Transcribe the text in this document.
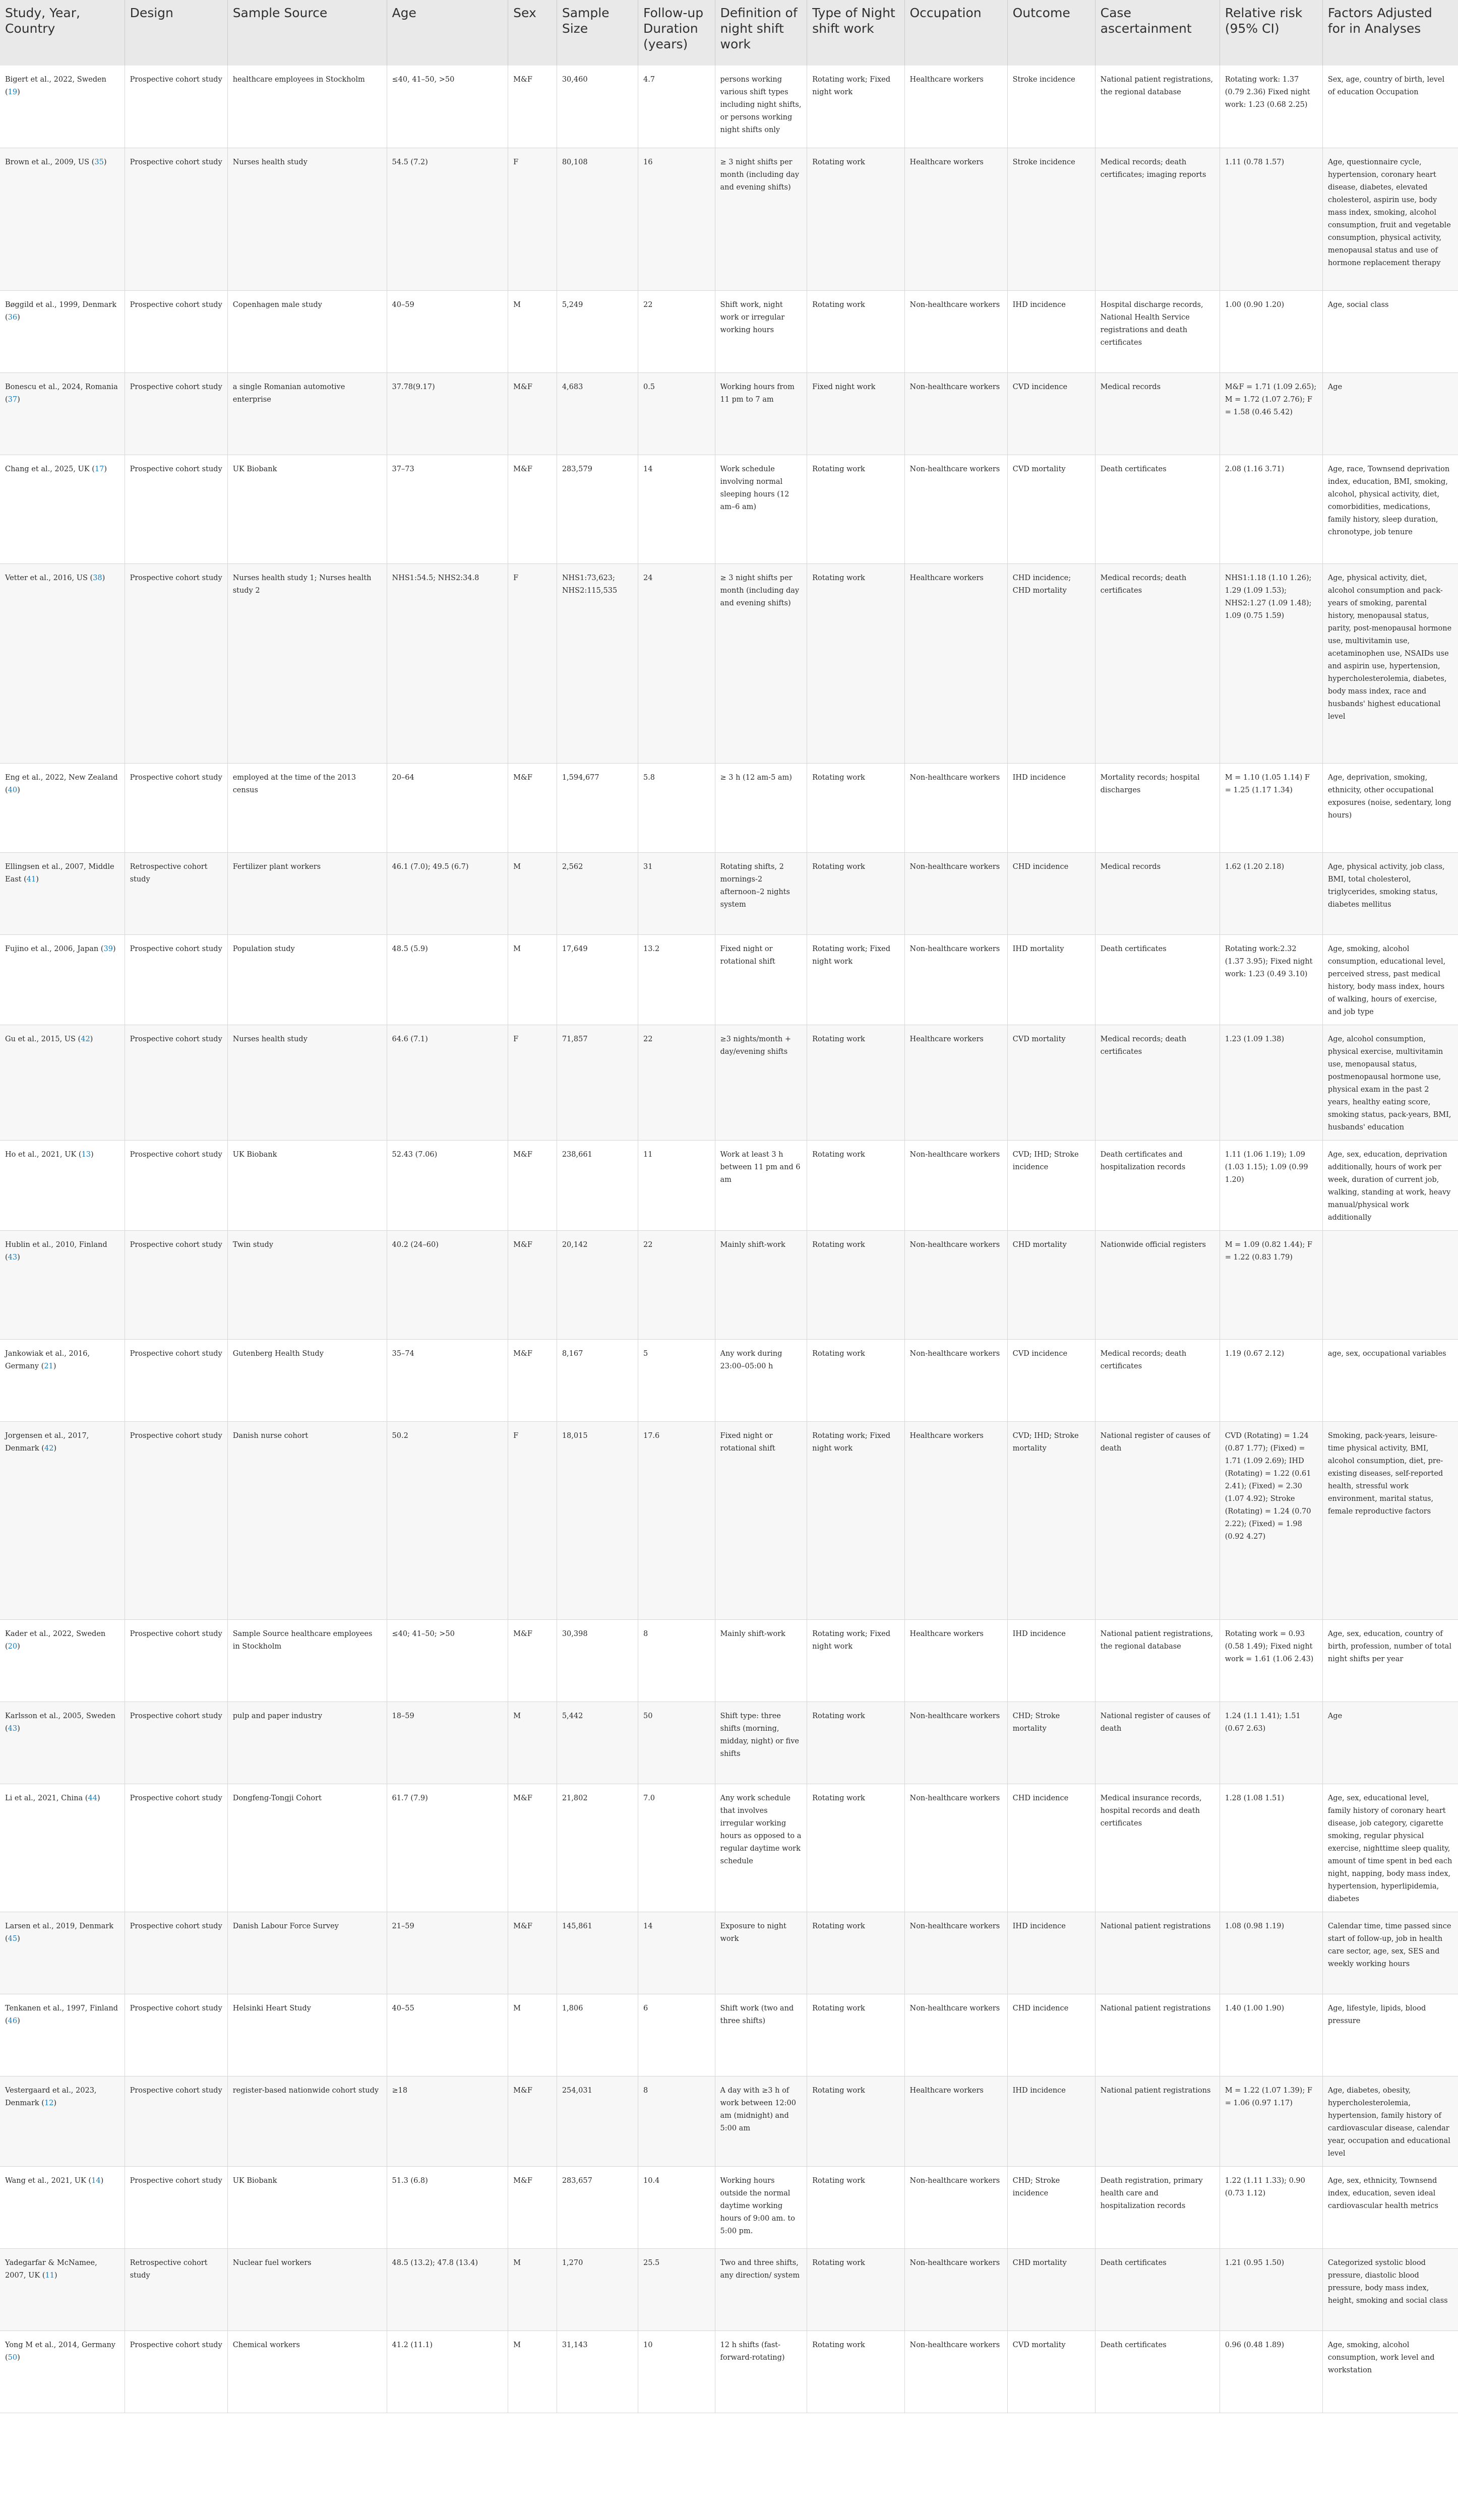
Study, Year, Country	Design	Sample Source	Age	Sex	Sample Size	Follow-up Duration (years)	Definition of night shift work	Type of Night shift work	Occupation	Outcome	Case ascertainment	Relative risk (95% CI)	Factors Adjusted for in Analyses
Bigert et al., 2022, Sweden (19)	Prospective cohort study	healthcare employees in Stockholm	≤40, 41–50, >50	M&F	30,460	4.7	persons working various shift types including night shifts, or persons working night shifts only	Rotating work; Fixed night work	Healthcare workers	Stroke incidence	National patient registrations, the regional database	Rotating work: 1.37 (0.79 2.36) Fixed night work: 1.23 (0.68 2.25)	Sex, age, country of birth, level of education Occupation
Brown et al., 2009, US (35)	Prospective cohort study	Nurses health study	54.5 (7.2)	F	80,108	16	≥ 3 night shifts per month (including day and evening shifts)	Rotating work	Healthcare workers	Stroke incidence	Medical records; death certificates; imaging reports	1.11 (0.78 1.57)	Age, questionnaire cycle, hypertension, coronary heart disease, diabetes, elevated cholesterol, aspirin use, body mass index, smoking, alcohol consumption, fruit and vegetable consumption, physical activity, menopausal status and use of hormone replacement therapy
Bøggild et al., 1999, Denmark (36)	Prospective cohort study	Copenhagen male study	40–59	M	5,249	22	Shift work, night work or irregular working hours	Rotating work	Non-healthcare workers	IHD incidence	Hospital discharge records, National Health Service registrations and death certificates	1.00 (0.90 1.20)	Age, social class
Bonescu et al., 2024, Romania (37)	Prospective cohort study	a single Romanian automotive enterprise	37.78(9.17)	M&F	4,683	0.5	Working hours from 11 pm to 7 am	Fixed night work	Non-healthcare workers	CVD incidence	Medical records	M&F = 1.71 (1.09 2.65); M = 1.72 (1.07 2.76); F = 1.58 (0.46 5.42)	Age
Chang et al., 2025, UK (17)	Prospective cohort study	UK Biobank	37–73	M&F	283,579	14	Work schedule involving normal sleeping hours (12 am–6 am)	Rotating work	Non-healthcare workers	CVD mortality	Death certificates	2.08 (1.16 3.71)	Age, race, Townsend deprivation index, education, BMI, smoking, alcohol, physical activity, diet, comorbidities, medications, family history, sleep duration, chronotype, job tenure
Vetter et al., 2016, US (38)	Prospective cohort study	Nurses health study 1; Nurses health study 2	NHS1:54.5; NHS2:34.8	F	NHS1:73,623; NHS2:115,535	24	≥ 3 night shifts per month (including day and evening shifts)	Rotating work	Healthcare workers	CHD incidence; CHD mortality	Medical records; death certificates	NHS1:1.18 (1.10 1.26); 1.29 (1.09 1.53); NHS2:1.27 (1.09 1.48); 1.09 (0.75 1.59)	Age, physical activity, diet, alcohol consumption and pack-years of smoking, parental history, menopausal status, parity, post-menopausal hormone use, multivitamin use, acetaminophen use, NSAIDs use and aspirin use, hypertension, hypercholesterolemia, diabetes, body mass index, race and husbands' highest educational level
Eng et al., 2022, New Zealand (40)	Prospective cohort study	employed at the time of the 2013 census	20–64	M&F	1,594,677	5.8	≥ 3 h (12 am-5 am)	Rotating work	Non-healthcare workers	IHD incidence	Mortality records; hospital discharges	M = 1.10 (1.05 1.14) F = 1.25 (1.17 1.34)	Age, deprivation, smoking, ethnicity, other occupational exposures (noise, sedentary, long hours)
Ellingsen et al., 2007, Middle East (41)	Retrospective cohort study	Fertilizer plant workers	46.1 (7.0); 49.5 (6.7)	M	2,562	31	Rotating shifts, 2 mornings-2 afternoon–2 nights system	Rotating work	Non-healthcare workers	CHD incidence	Medical records	1.62 (1.20 2.18)	Age, physical activity, job class, BMI, total cholesterol, triglycerides, smoking status, diabetes mellitus
Fujino et al., 2006, Japan (39)	Prospective cohort study	Population study	48.5 (5.9)	M	17,649	13.2	Fixed night or rotational shift	Rotating work; Fixed night work	Non-healthcare workers	IHD mortality	Death certificates	Rotating work:2.32 (1.37 3.95); Fixed night work: 1.23 (0.49 3.10)	Age, smoking, alcohol consumption, educational level, perceived stress, past medical history, body mass index, hours of walking, hours of exercise, and job type
Gu et al., 2015, US (42)	Prospective cohort study	Nurses health study	64.6 (7.1)	F	71,857	22	≥3 nights/month + day/evening shifts	Rotating work	Healthcare workers	CVD mortality	Medical records; death certificates	1.23 (1.09 1.38)	Age, alcohol consumption, physical exercise, multivitamin use, menopausal status, postmenopausal hormone use, physical exam in the past 2 years, healthy eating score, smoking status, pack-years, BMI, husbands' education
Ho et al., 2021, UK (13)	Prospective cohort study	UK Biobank	52.43 (7.06)	M&F	238,661	11	Work at least 3 h between 11 pm and 6 am	Rotating work	Non-healthcare workers	CVD; IHD; Stroke incidence	Death certificates and hospitalization records	1.11 (1.06 1.19); 1.09 (1.03 1.15); 1.09 (0.99 1.20)	Age, sex, education, deprivation additionally, hours of work per week, duration of current job, walking, standing at work, heavy manual/physical work additionally
Hublin et al., 2010, Finland (43)	Prospective cohort study	Twin study	40.2 (24–60)	M&F	20,142	22	Mainly shift-work	Rotating work	Non-healthcare workers	CHD mortality	Nationwide official registers	M = 1.09 (0.82 1.44); F = 1.22 (0.83 1.79)	
Jankowiak et al., 2016, Germany (21)	Prospective cohort study	Gutenberg Health Study	35–74	M&F	8,167	5	Any work during 23:00–05:00 h	Rotating work	Non-healthcare workers	CVD incidence	Medical records; death certificates	1.19 (0.67 2.12)	age, sex, occupational variables
Jorgensen et al., 2017, Denmark (42)	Prospective cohort study	Danish nurse cohort	50.2	F	18,015	17.6	Fixed night or rotational shift	Rotating work; Fixed night work	Healthcare workers	CVD; IHD; Stroke mortality	National register of causes of death	CVD (Rotating) = 1.24 (0.87 1.77); (Fixed) = 1.71 (1.09 2.69); IHD (Rotating) = 1.22 (0.61 2.41); (Fixed) = 2.30 (1.07 4.92); Stroke (Rotating) = 1.24 (0.70 2.22); (Fixed) = 1.98 (0.92 4.27)	Smoking, pack-years, leisure-time physical activity, BMI, alcohol consumption, diet, pre-existing diseases, self-reported health, stressful work environment, marital status, female reproductive factors
Kader et al., 2022, Sweden (20)	Prospective cohort study	Sample Source healthcare employees in Stockholm	≤40; 41–50; >50	M&F	30,398	8	Mainly shift-work	Rotating work; Fixed night work	Healthcare workers	IHD incidence	National patient registrations, the regional database	Rotating work = 0.93 (0.58 1.49); Fixed night work = 1.61 (1.06 2.43)	Age, sex, education, country of birth, profession, number of total night shifts per year
Karlsson et al., 2005, Sweden (43)	Prospective cohort study	pulp and paper industry	18–59	M	5,442	50	Shift type: three shifts (morning, midday, night) or five shifts	Rotating work	Non-healthcare workers	CHD; Stroke mortality	National register of causes of death	1.24 (1.1 1.41); 1.51 (0.67 2.63)	Age
Li et al., 2021, China (44)	Prospective cohort study	Dongfeng-Tongji Cohort	61.7 (7.9)	M&F	21,802	7.0	Any work schedule that involves irregular working hours as opposed to a regular daytime work schedule	Rotating work	Non-healthcare workers	CHD incidence	Medical insurance records, hospital records and death certificates	1.28 (1.08 1.51)	Age, sex, educational level, family history of coronary heart disease, job category, cigarette smoking, regular physical exercise, nighttime sleep quality, amount of time spent in bed each night, napping, body mass index, hypertension, hyperlipidemia, diabetes
Larsen et al., 2019, Denmark (45)	Prospective cohort study	Danish Labour Force Survey	21–59	M&F	145,861	14	Exposure to night work	Rotating work	Non-healthcare workers	IHD incidence	National patient registrations	1.08 (0.98 1.19)	Calendar time, time passed since start of follow-up, job in health care sector, age, sex, SES and weekly working hours
Tenkanen et al., 1997, Finland (46)	Prospective cohort study	Helsinki Heart Study	40–55	M	1,806	6	Shift work (two and three shifts)	Rotating work	Non-healthcare workers	CHD incidence	National patient registrations	1.40 (1.00 1.90)	Age, lifestyle, lipids, blood pressure
Vestergaard et al., 2023, Denmark (12)	Prospective cohort study	register-based nationwide cohort study	≥18	M&F	254,031	8	A day with ≥3 h of work between 12:00 am (midnight) and 5:00 am	Rotating work	Healthcare workers	IHD incidence	National patient registrations	M = 1.22 (1.07 1.39); F = 1.06 (0.97 1.17)	Age, diabetes, obesity, hypercholesterolemia, hypertension, family history of cardiovascular disease, calendar year, occupation and educational level
Wang et al., 2021, UK (14)	Prospective cohort study	UK Biobank	51.3 (6.8)	M&F	283,657	10.4	Working hours outside the normal daytime working hours of 9:00 am. to 5:00 pm.	Rotating work	Non-healthcare workers	CHD; Stroke incidence	Death registration, primary health care and hospitalization records	1.22 (1.11 1.33); 0.90 (0.73 1.12)	Age, sex, ethnicity, Townsend index, education, seven ideal cardiovascular health metrics
Yadegarfar & McNamee, 2007, UK (11)	Retrospective cohort study	Nuclear fuel workers	48.5 (13.2); 47.8 (13.4)	M	1,270	25.5	Two and three shifts, any direction/ system	Rotating work	Non-healthcare workers	CHD mortality	Death certificates	1.21 (0.95 1.50)	Categorized systolic blood pressure, diastolic blood pressure, body mass index, height, smoking and social class
Yong M et al., 2014, Germany (50)	Prospective cohort study	Chemical workers	41.2 (11.1)	M	31,143	10	12 h shifts (fast-forward-rotating)	Rotating work	Non-healthcare workers	CVD mortality	Death certificates	0.96 (0.48 1.89)	Age, smoking, alcohol consumption, work level and workstation
